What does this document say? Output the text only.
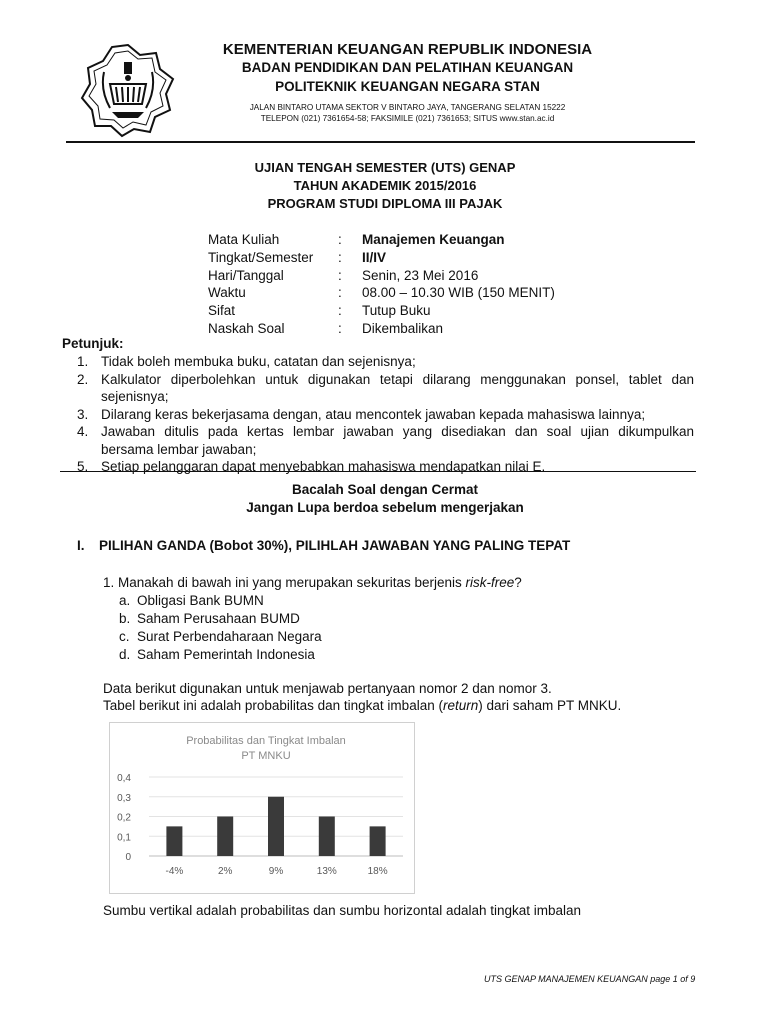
KEMENTERIAN KEUANGAN REPUBLIK INDONESIA
BADAN PENDIDIKAN DAN PELATIHAN KEUANGAN
POLITEKNIK KEUANGAN NEGARA STAN
JALAN BINTARO UTAMA SEKTOR V BINTARO JAYA, TANGERANG SELATAN 15222
TELEPON (021) 7361654-58; FAKSIMILE (021) 7361653; SITUS www.stan.ac.id
UJIAN TENGAH SEMESTER (UTS) GENAP
TAHUN AKADEMIK 2015/2016
PROGRAM STUDI DIPLOMA III PAJAK
Mata Kuliah	:	Manajemen Keuangan
Tingkat/Semester	:	II/IV
Hari/Tanggal	:	Senin, 23 Mei 2016
Waktu	:	08.00 – 10.30 WIB (150 MENIT)
Sifat	:	Tutup Buku
Naskah Soal	:	Dikembalikan
Petunjuk:
1. Tidak boleh membuka buku, catatan dan sejenisnya;
2. Kalkulator diperbolehkan untuk digunakan tetapi dilarang menggunakan ponsel, tablet dan
sejenisnya;
3. Dilarang keras bekerjasama dengan, atau mencontek jawaban kepada mahasiswa lainnya;
4. Jawaban ditulis pada kertas lembar jawaban yang disediakan dan soal ujian dikumpulkan
bersama lembar jawaban;
5. Setiap pelanggaran dapat menyebabkan mahasiswa mendapatkan nilai E.
Bacalah Soal dengan Cermat
Jangan Lupa berdoa sebelum mengerjakan
I. PILIHAN GANDA (Bobot 30%), PILIHLAH JAWABAN YANG PALING TEPAT
1. Manakah di bawah ini yang merupakan sekuritas berjenis risk-free?
a. Obligasi Bank BUMN
b. Saham Perusahaan BUMD
c. Surat Perbendaharaan Negara
d. Saham Pemerintah Indonesia
Data berikut digunakan untuk menjawab pertanyaan nomor 2 dan nomor 3.
Tabel berikut ini adalah probabilitas dan tingkat imbalan (return) dari saham PT MNKU.
Probabilitas dan Tingkat Imbalan
PT MNKU
0,4
0,3
0,2
0,1
0
-4%	2%	9%	13%	18%
Sumbu vertikal adalah probabilitas dan sumbu horizontal adalah tingkat imbalan
UTS GENAP MANAJEMEN KEUANGAN page 1 of 9
